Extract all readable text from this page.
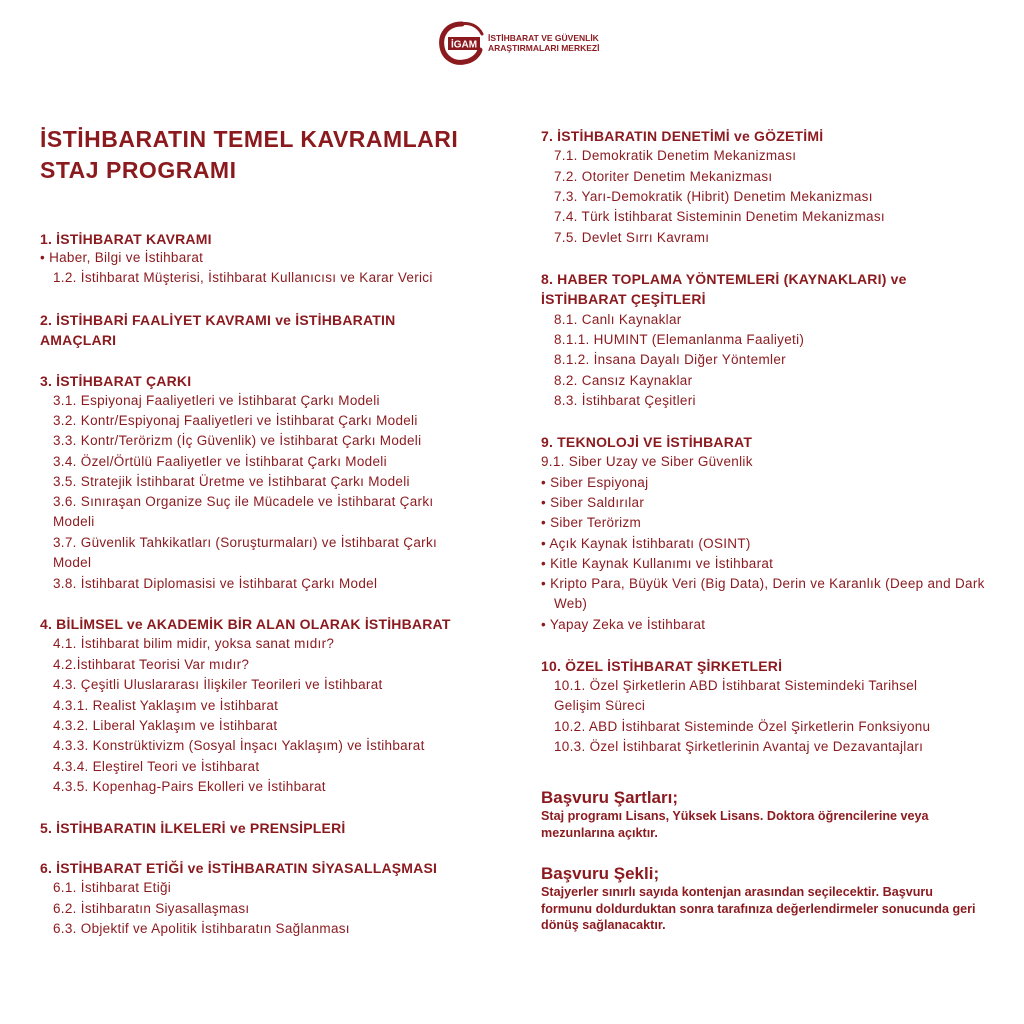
İGAM
İSTİHBARAT VE GÜVENLİK
ARAŞTIRMALARI MERKEZİ
İSTİHBARATIN TEMEL KAVRAMLARI
STAJ PROGRAMI

1. İSTİHBARAT KAVRAMI

• Haber, Bilgi ve İstihbarat

1.2. İstihbarat Müşterisi, İstihbarat Kullanıcısı ve Karar Verici

2. İSTİHBARİ FAALİYET KAVRAMI ve İSTİHBARATIN AMAÇLARI

3. İSTİHBARAT ÇARKI

3.1. Espiyonaj Faaliyetleri ve İstihbarat Çarkı Modeli

3.2. Kontr/Espiyonaj Faaliyetleri ve İstihbarat Çarkı Modeli

3.3. Kontr/Terörizm (İç Güvenlik) ve İstihbarat Çarkı Modeli

3.4. Özel/Örtülü Faaliyetler ve İstihbarat Çarkı Modeli

3.5. Stratejik İstihbarat Üretme ve İstihbarat Çarkı Modeli

3.6. Sınıraşan Organize Suç ile Mücadele ve İstihbarat Çarkı Modeli

3.7. Güvenlik Tahkikatları (Soruşturmaları) ve İstihbarat Çarkı Model

3.8. İstihbarat Diplomasisi ve İstihbarat Çarkı Model

4. BİLİMSEL ve AKADEMİK BİR ALAN OLARAK İSTİHBARAT

4.1. İstihbarat bilim midir, yoksa sanat mıdır?

4.2.İstihbarat Teorisi Var mıdır?

4.3. Çeşitli Uluslararası İlişkiler Teorileri ve İstihbarat

4.3.1. Realist Yaklaşım ve İstihbarat

4.3.2. Liberal Yaklaşım ve İstihbarat

4.3.3. Konstrüktivizm (Sosyal İnşacı Yaklaşım) ve İstihbarat

4.3.4. Eleştirel Teori ve İstihbarat

4.3.5. Kopenhag-Pairs Ekolleri ve İstihbarat

5. İSTİHBARATIN İLKELERİ ve PRENSİPLERİ

6. İSTİHBARAT ETİĞİ ve İSTİHBARATIN SİYASALLAŞMASI

6.1. İstihbarat Etiği

6.2. İstihbaratın Siyasallaşması

6.3. Objektif ve Apolitik İstihbaratın Sağlanması

7. İSTİHBARATIN DENETİMİ ve GÖZETİMİ

7.1. Demokratik Denetim Mekanizması

7.2. Otoriter Denetim Mekanizması

7.3. Yarı-Demokratik (Hibrit) Denetim Mekanizması

7.4. Türk İstihbarat Sisteminin Denetim Mekanizması

7.5. Devlet Sırrı Kavramı

8. HABER TOPLAMA YÖNTEMLERİ (KAYNAKLARI) ve İSTİHBARAT ÇEŞİTLERİ

8.1. Canlı Kaynaklar

8.1.1. HUMINT (Elemanlanma Faaliyeti)

8.1.2. İnsana Dayalı Diğer Yöntemler

8.2. Cansız Kaynaklar

8.3. İstihbarat Çeşitleri

9. TEKNOLOJİ VE İSTİHBARAT

9.1. Siber Uzay ve Siber Güvenlik

• Siber Espiyonaj

• Siber Saldırılar

• Siber Terörizm

• Açık Kaynak İstihbaratı (OSINT)

• Kitle Kaynak Kullanımı ve İstihbarat

• Kripto Para, Büyük Veri (Big Data), Derin ve Karanlık (Deep and Dark Web)

• Yapay Zeka ve İstihbarat

10. ÖZEL İSTİHBARAT ŞİRKETLERİ

10.1. Özel Şirketlerin ABD İstihbarat Sistemindeki Tarihsel Gelişim Süreci

10.2. ABD İstihbarat Sisteminde Özel Şirketlerin Fonksiyonu

10.3. Özel İstihbarat Şirketlerinin Avantaj ve Dezavantajları

Başvuru Şartları;

Staj programı Lisans, Yüksek Lisans. Doktora öğrencilerine veya mezunlarına açıktır.

Başvuru Şekli;

Stajyerler sınırlı sayıda kontenjan arasından seçilecektir. Başvuru formunu doldurduktan sonra tarafınıza değerlendirmeler sonucunda geri dönüş sağlanacaktır.
